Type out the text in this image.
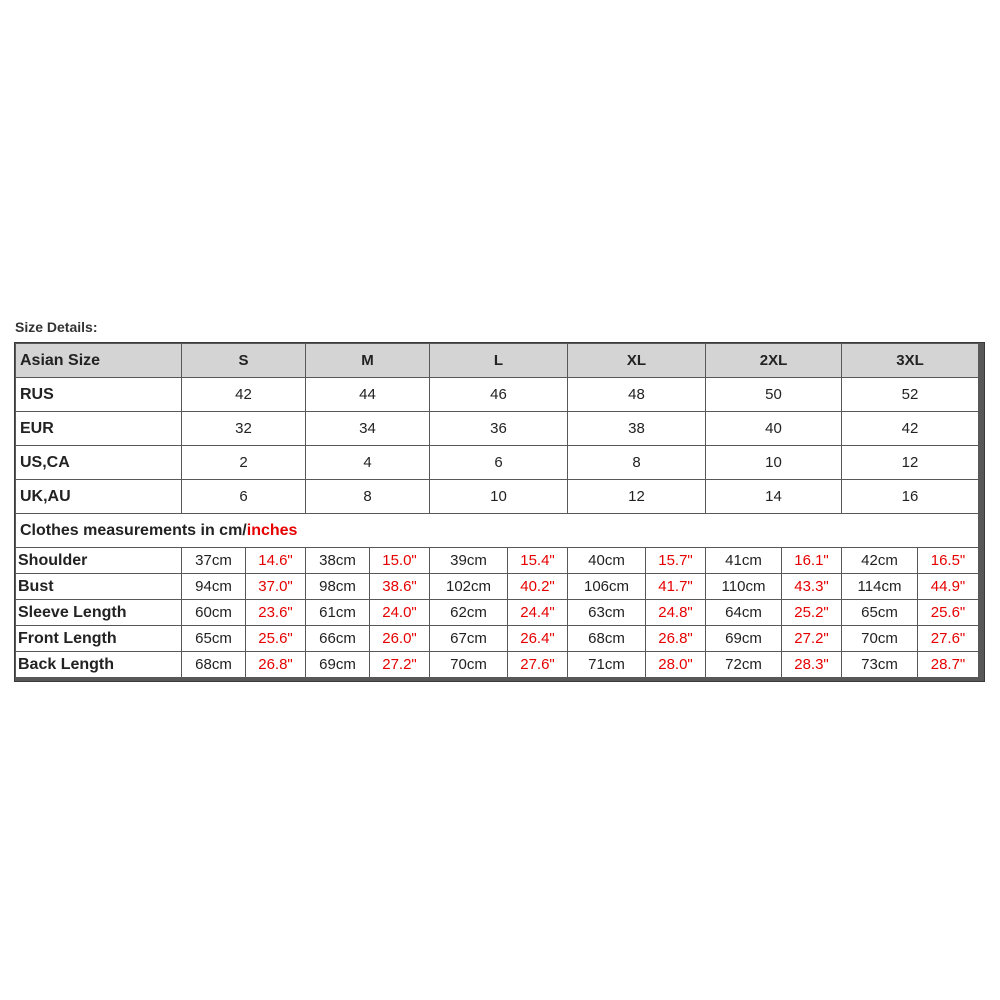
Size Details:
Asian Size	S	M	L	XL	2XL	3XL
RUS	42	44	46	48	50	52
EUR	32	34	36	38	40	42
US,CA	2	4	6	8	10	12
UK,AU	6	8	10	12	14	16
Clothes measurements in cm/ inches
Shoulder	37cm	14.6"	38cm	15.0"	39cm	15.4"	40cm	15.7"	41cm	16.1"	42cm	16.5"
Bust	94cm	37.0"	98cm	38.6"	102cm	40.2"	106cm	41.7"	110cm	43.3"	114cm	44.9"
Sleeve Length	60cm	23.6"	61cm	24.0"	62cm	24.4"	63cm	24.8"	64cm	25.2"	65cm	25.6"
Front Length	65cm	25.6"	66cm	26.0"	67cm	26.4"	68cm	26.8"	69cm	27.2"	70cm	27.6"
Back Length	68cm	26.8"	69cm	27.2"	70cm	27.6"	71cm	28.0"	72cm	28.3"	73cm	28.7"
